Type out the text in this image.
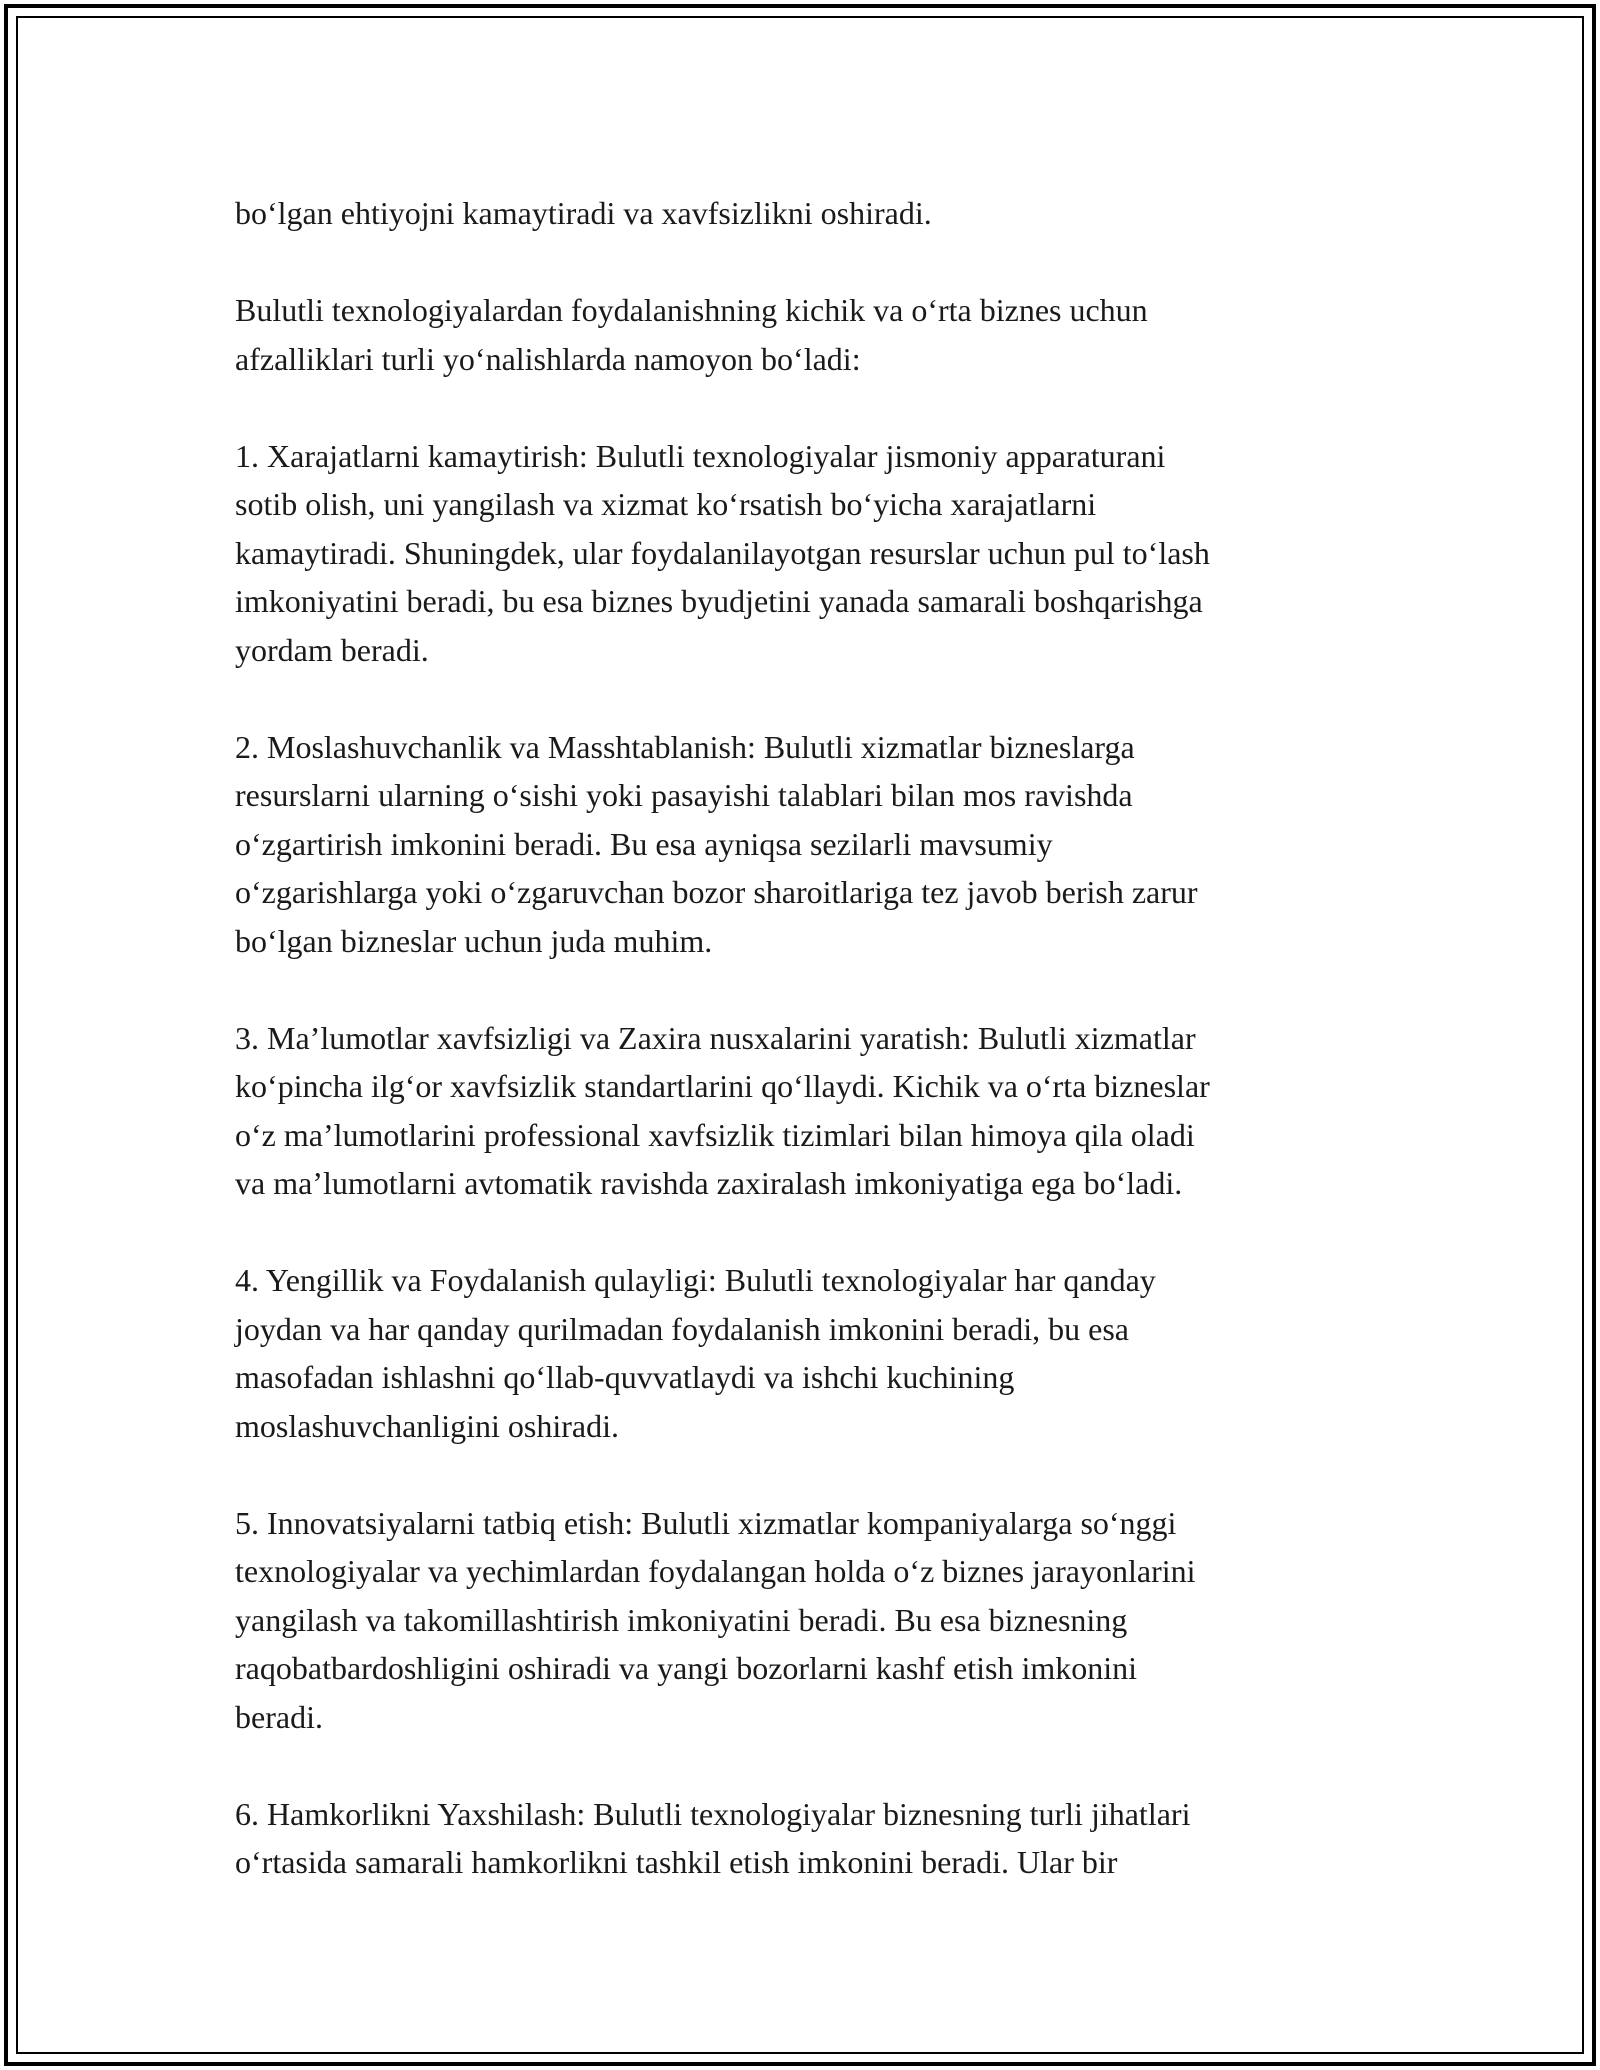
bo‘lgan ehtiyojni kamaytiradi va xavfsizlikni oshiradi.

Bulutli texnologiyalardan foydalanishning kichik va o‘rta biznes uchun
afzalliklari turli yo‘nalishlarda namoyon bo‘ladi:

1. Xarajatlarni kamaytirish: Bulutli texnologiyalar jismoniy apparaturani
sotib olish, uni yangilash va xizmat ko‘rsatish bo‘yicha xarajatlarni
kamaytiradi. Shuningdek, ular foydalanilayotgan resurslar uchun pul to‘lash
imkoniyatini beradi, bu esa biznes byudjetini yanada samarali boshqarishga
yordam beradi.

2. Moslashuvchanlik va Masshtablanish: Bulutli xizmatlar bizneslarga
resurslarni ularning o‘sishi yoki pasayishi talablari bilan mos ravishda
o‘zgartirish imkonini beradi. Bu esa ayniqsa sezilarli mavsumiy
o‘zgarishlarga yoki o‘zgaruvchan bozor sharoitlariga tez javob berish zarur
bo‘lgan bizneslar uchun juda muhim.

3. Ma’lumotlar xavfsizligi va Zaxira nusxalarini yaratish: Bulutli xizmatlar
ko‘pincha ilg‘or xavfsizlik standartlarini qo‘llaydi. Kichik va o‘rta bizneslar
o‘z ma’lumotlarini professional xavfsizlik tizimlari bilan himoya qila oladi
va ma’lumotlarni avtomatik ravishda zaxiralash imkoniyatiga ega bo‘ladi.

4. Yengillik va Foydalanish qulayligi: Bulutli texnologiyalar har qanday
joydan va har qanday qurilmadan foydalanish imkonini beradi, bu esa
masofadan ishlashni qo‘llab-quvvatlaydi va ishchi kuchining
moslashuvchanligini oshiradi.

5. Innovatsiyalarni tatbiq etish: Bulutli xizmatlar kompaniyalarga so‘nggi
texnologiyalar va yechimlardan foydalangan holda o‘z biznes jarayonlarini
yangilash va takomillashtirish imkoniyatini beradi. Bu esa biznesning
raqobatbardoshligini oshiradi va yangi bozorlarni kashf etish imkonini
beradi.

6. Hamkorlikni Yaxshilash: Bulutli texnologiyalar biznesning turli jihatlari
o‘rtasida samarali hamkorlikni tashkil etish imkonini beradi. Ular bir
